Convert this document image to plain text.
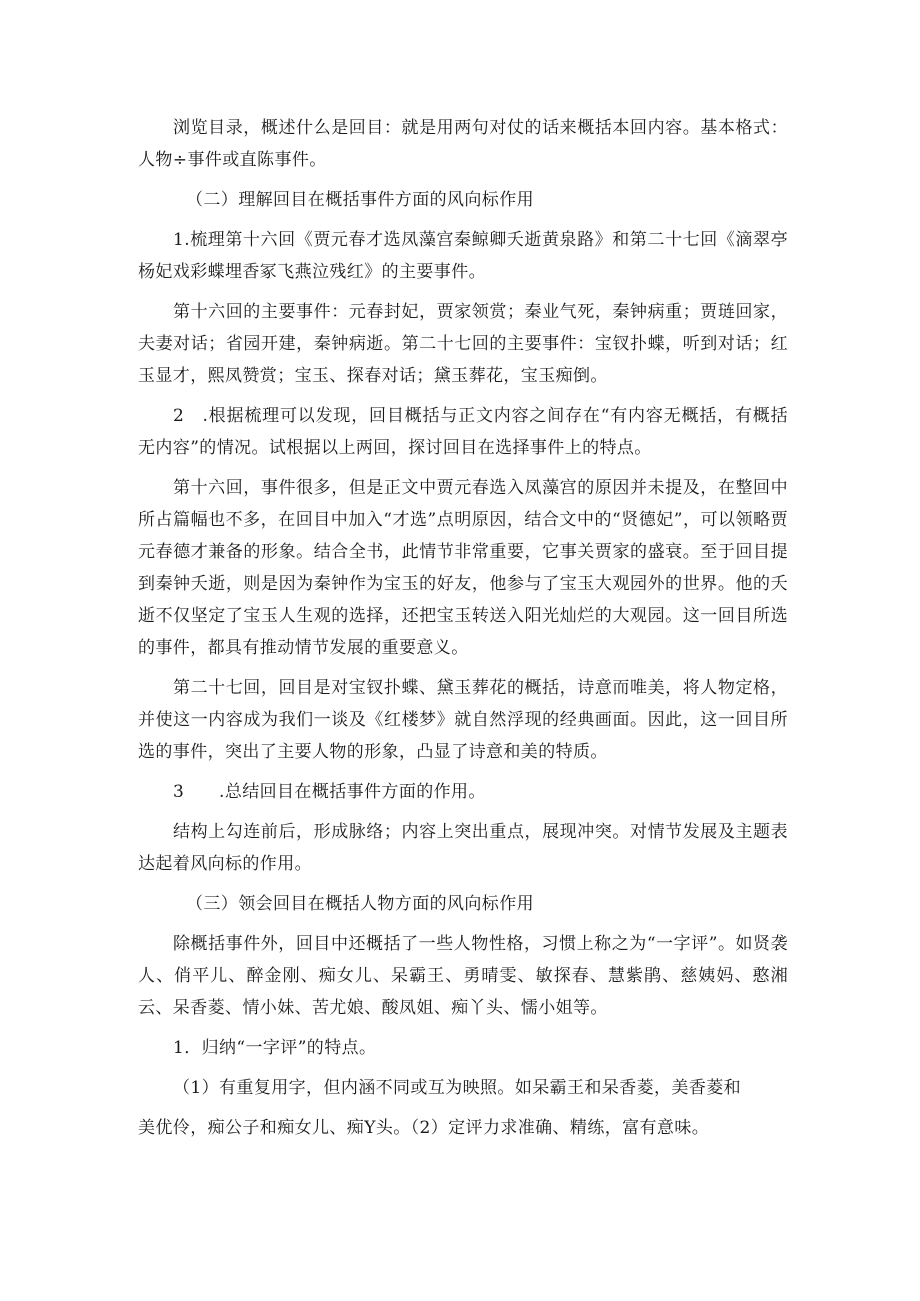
浏览目录，概述什么是回目：就是用两句对仗的话来概括本回内容。基本格式：人物÷事件或直陈事件。

（二）理解回目在概括事件方面的风向标作用

1.梳理第十六回《贾元春才选凤藻宫秦鲸卿夭逝黄泉路》和第二十七回《滴翠亭杨妃戏彩蝶埋香冢飞燕泣残红》的主要事件。

第十六回的主要事件：元春封妃，贾家领赏；秦业气死，秦钟病重；贾琏回家，夫妻对话；省园开建，秦钟病逝。第二十七回的主要事件：宝钗扑蝶，听到对话；红玉显才，熙凤赞赏；宝玉、探春对话；黛玉葬花，宝玉痴倒。

2　.根据梳理可以发现，回目概括与正文内容之间存在“有内容无概括，有概括无内容”的情况。试根据以上两回，探讨回目在选择事件上的特点。

第十六回，事件很多，但是正文中贾元春选入凤藻宫的原因并未提及，在整回中所占篇幅也不多，在回目中加入“才选”点明原因，结合文中的“贤德妃”，可以领略贾元春德才兼备的形象。结合全书，此情节非常重要，它事关贾家的盛衰。至于回目提到秦钟夭逝，则是因为秦钟作为宝玉的好友，他参与了宝玉大观园外的世界。他的夭逝不仅坚定了宝玉人生观的选择，还把宝玉转送入阳光灿烂的大观园。这一回目所选的事件，都具有推动情节发展的重要意义。

第二十七回，回目是对宝钗扑蝶、黛玉葬花的概括，诗意而唯美，将人物定格，并使这一内容成为我们一谈及《红楼梦》就自然浮现的经典画面。因此，这一回目所选的事件，突出了主要人物的形象，凸显了诗意和美的特质。

3　　.总结回目在概括事件方面的作用。

结构上勾连前后，形成脉络；内容上突出重点，展现冲突。对情节发展及主题表达起着风向标的作用。

（三）领会回目在概括人物方面的风向标作用

除概括事件外，回目中还概括了一些人物性格，习惯上称之为“一字评”。如贤袭人、俏平儿、醉金刚、痴女儿、呆霸王、勇晴雯、敏探春、慧紫鹃、慈姨妈、憨湘云、呆香菱、情小妹、苦尤娘、酸凤姐、痴丫头、懦小姐等。

1．归纳“一字评”的特点。

（1）有重复用字，但内涵不同或互为映照。如呆霸王和呆香菱，美香菱和

美优伶，痴公子和痴女儿、痴Y头。（2）定评力求准确、精练，富有意味。
